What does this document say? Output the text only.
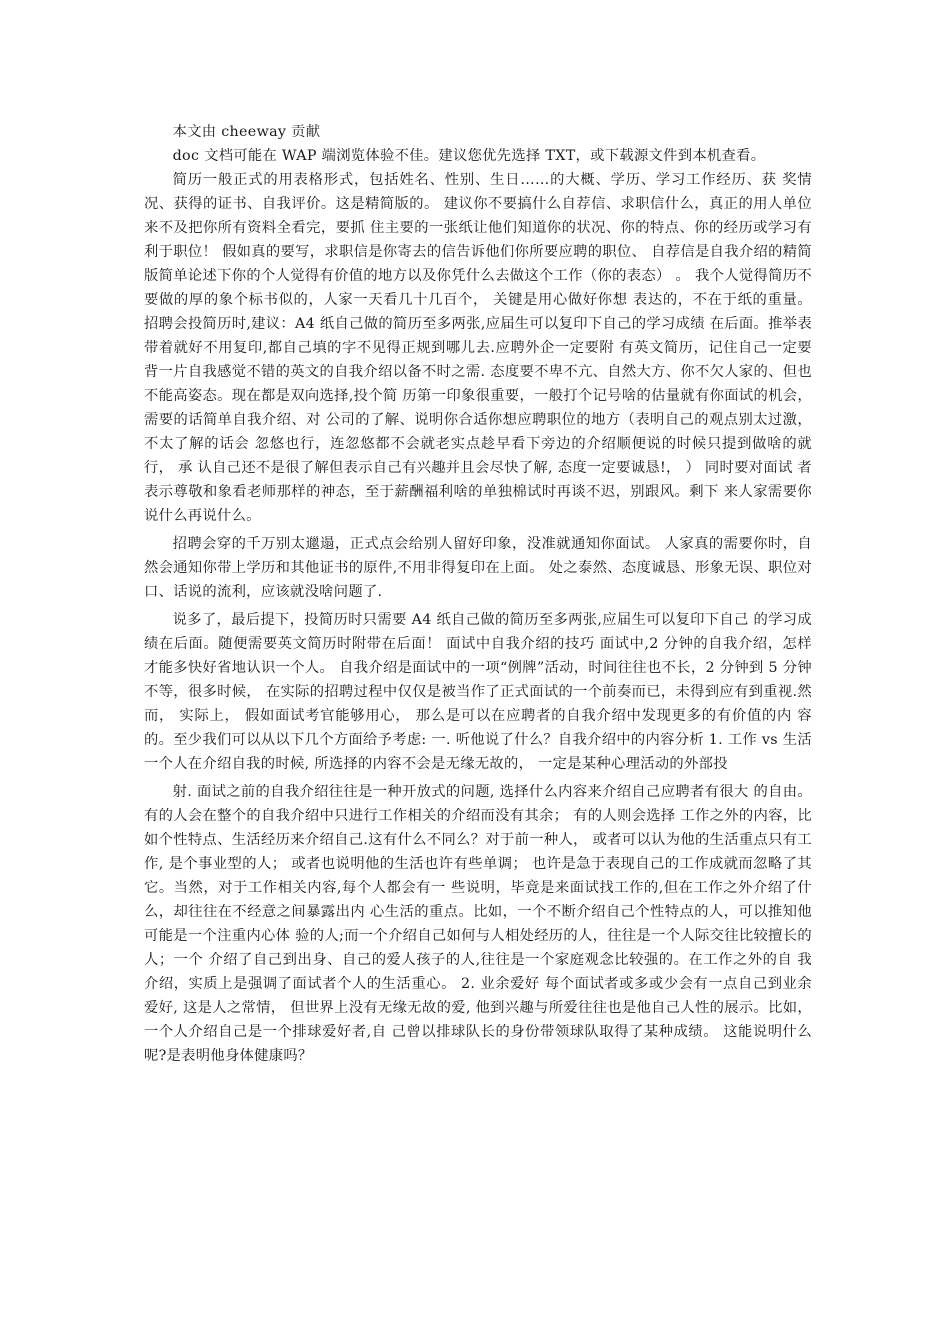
本文由 cheeway 贡献

doc 文档可能在 WAP 端浏览体验不佳。建议您优先选择 TXT，或下载源文件到本机查看。

简历一般正式的用表格形式，包括姓名、性别、生日……的大概、学历、学习工作经历、获 奖情况、获得的证书、自我评价。这是精简版的。 建议你不要搞什么自荐信、求职信什么，真正的用人单位来不及把你所有资料全看完，要抓 住主要的一张纸让他们知道你的状况、你的特点、你的经历或学习有利于职位！ 假如真的要写，求职信是你寄去的信告诉他们你所要应聘的职位、 自荐信是自我介绍的精简 版简单论述下你的个人觉得有价值的地方以及你凭什么去做这个工作（你的表态） 。 我个人觉得简历不要做的厚的象个标书似的，人家一天看几十几百个， 关键是用心做好你想 表达的，不在于纸的重量。 招聘会投简历时,建议：A4 纸自己做的简历至多两张,应届生可以复印下自己的学习成绩 在后面。推举表带着就好不用复印,都自己填的字不见得正规到哪儿去.应聘外企一定要附 有英文简历，记住自己一定要背一片自我感觉不错的英文的自我介绍以备不时之需. 态度要不卑不亢、自然大方、你不欠人家的、但也不能高姿态。现在都是双向选择,投个简 历第一印象很重要，一般打个记号啥的估量就有你面试的机会，需要的话简单自我介绍、对 公司的了解、说明你合适你想应聘职位的地方（表明自己的观点别太过激，不太了解的话会 忽悠也行，连忽悠都不会就老实点趁早看下旁边的介绍顺便说的时候只提到做啥的就行， 承 认自己还不是很了解但表示自己有兴趣并且会尽快了解, 态度一定要诚恳!， ） 同时要对面试 者表示尊敬和象看老师那样的神态，至于薪酬福利啥的单独棉试时再谈不迟，别跟风。剩下 来人家需要你说什么再说什么。

招聘会穿的千万别太邋遢，正式点会给别人留好印象，没准就通知你面试。 人家真的需要你时，自然会通知你带上学历和其他证书的原件,不用非得复印在上面。 处之泰然、态度诚恳、形象无误、职位对口、话说的流利，应该就没啥问题了.

说多了，最后提下，投简历时只需要 A4 纸自己做的简历至多两张,应届生可以复印下自己 的学习成绩在后面。随便需要英文简历时附带在后面！ 面试中自我介绍的技巧 面试中,2 分钟的自我介绍，怎样才能多快好省地认识一个人。 自我介绍是面试中的一项“例牌”活动，时间往往也不长，2 分钟到 5 分钟不等，很多时候， 在实际的招聘过程中仅仅是被当作了正式面试的一个前奏而已，未得到应有到重视.然而， 实际上， 假如面试考官能够用心， 那么是可以在应聘者的自我介绍中发现更多的有价值的内 容的。至少我们可以从以下几个方面给予考虑: 一. 听他说了什么？自我介绍中的内容分析 1. 工作 vs 生活 一个人在介绍自我的时候, 所选择的内容不会是无缘无故的， 一定是某种心理活动的外部投

射. 面试之前的自我介绍往往是一种开放式的问题, 选择什么内容来介绍自己应聘者有很大 的自由。 有的人会在整个的自我介绍中只进行工作相关的介绍而没有其余； 有的人则会选择 工作之外的内容，比如个性特点、生活经历来介绍自己.这有什么不同么？对于前一种人， 或者可以认为他的生活重点只有工作, 是个事业型的人； 或者也说明他的生活也许有些单调； 也许是急于表现自己的工作成就而忽略了其它。当然，对于工作相关内容,每个人都会有一 些说明，毕竟是来面试找工作的,但在工作之外介绍了什么，却往往在不经意之间暴露出内 心生活的重点。比如，一个不断介绍自己个性特点的人，可以推知他可能是一个注重内心体 验的人;而一个介绍自己如何与人相处经历的人，往往是一个人际交往比较擅长的人；一个 介绍了自己到出身、自己的爱人孩子的人,往往是一个家庭观念比较强的。在工作之外的自 我介绍，实质上是强调了面试者个人的生活重心。 2. 业余爱好 每个面试者或多或少会有一点自己到业余爱好, 这是人之常情， 但世界上没有无缘无故的爱, 他到兴趣与所爱往往也是他自己人性的展示。比如，一个人介绍自己是一个排球爱好者,自 己曾以排球队长的身份带领球队取得了某种成绩。 这能说明什么呢?是表明他身体健康吗？
